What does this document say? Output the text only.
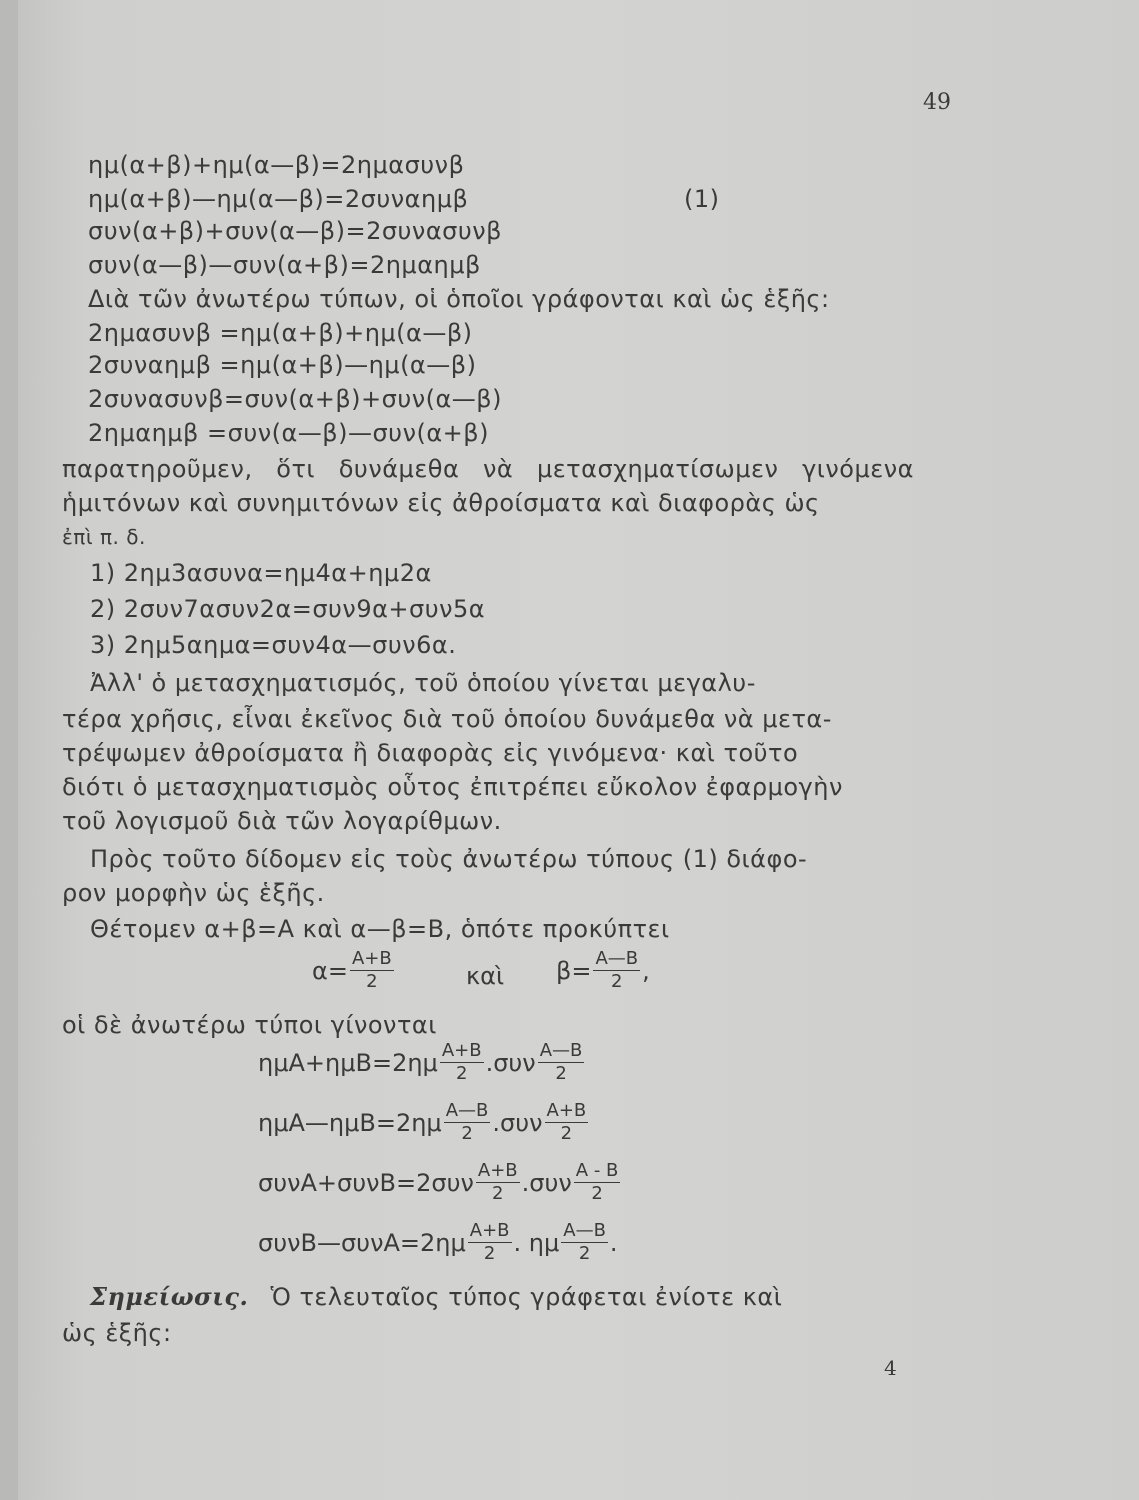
49
ημ(α+β)+ημ(α—β)=2ημασυνβ
ημ(α+β)—ημ(α—β)=2συναημβ	(1)
συν(α+β)+συν(α—β)=2συνασυνβ
συν(α—β)—συν(α+β)=2ημαημβ
Διὰ τῶν ἀνωτέρω τύπων, οἱ ὁποῖοι γράφονται καὶ ὡς ἑξῆς:
2ημασυνβ =ημ(α+β)+ημ(α—β)
2συναημβ =ημ(α+β)—ημ(α—β)
2συνασυνβ=συν(α+β)+συν(α—β)
2ημαημβ =συν(α—β)—συν(α+β)
παρατηροῦμεν, ὅτι δυνάμεθα νὰ μετασχηματίσωμεν γινόμενα
ἡμιτόνων καὶ συνημιτόνων εἰς ἀθροίσματα καὶ διαφορὰς ὡς
ἐπὶ π. δ.
1) 2ημ3ασυνα=ημ4α+ημ2α
2) 2συν7ασυν2α=συν9α+συν5α
3) 2ημ5αημα=συν4α—συν6α.
Ἀλλ' ὁ μετασχηματισμός, τοῦ ὁποίου γίνεται μεγαλυ-
τέρα χρῆσις, εἶναι ἐκεῖνος διὰ τοῦ ὁποίου δυνάμεθα νὰ μετα-
τρέψωμεν ἀθροίσματα ἢ διαφορὰς εἰς γινόμενα· καὶ τοῦτο
διότι ὁ μετασχηματισμὸς οὗτος ἐπιτρέπει εὔκολον ἐφαρμογὴν
τοῦ λογισμοῦ διὰ τῶν λογαρίθμων.
Πρὸς τοῦτο δίδομεν εἰς τοὺς ἀνωτέρω τύπους (1) διάφο-
ρον μορφὴν ὡς ἑξῆς.
Θέτομεν α+β=Α καὶ α—β=Β, ὁπότε προκύπτει
$\alpha= \frac{A+B}{2}$	καὶ $\beta= \frac{A—B}{2}$ ,
οἱ δὲ ἀνωτέρω τύποι γίνονται
$\eta\mu A+\eta\mu B=2\eta\mu \frac{A+B}{2} .\sigma\upsilon\nu \frac{A—B}{2}$
ημΑ—ημΒ=2ημ $\frac{A—B}{2} .\sigma\upsilon\nu \frac{A+B}{2}$
$\sigma\upsilon\nu A+\sigma\upsilon\nu B=2\sigma\upsilon\nu \frac{A+B}{2} .\sigma\upsilon\nu \frac{A - B}{2}$
συνΒ—συνΑ=2ημ $\frac{A+B}{2}$ . ημ $\frac{A—B}{2}$ .
Σημείωσις. Ὁ τελευταῖος τύπος γράφεται ἐνίοτε καὶ
ὡς ἑξῆς:
4
